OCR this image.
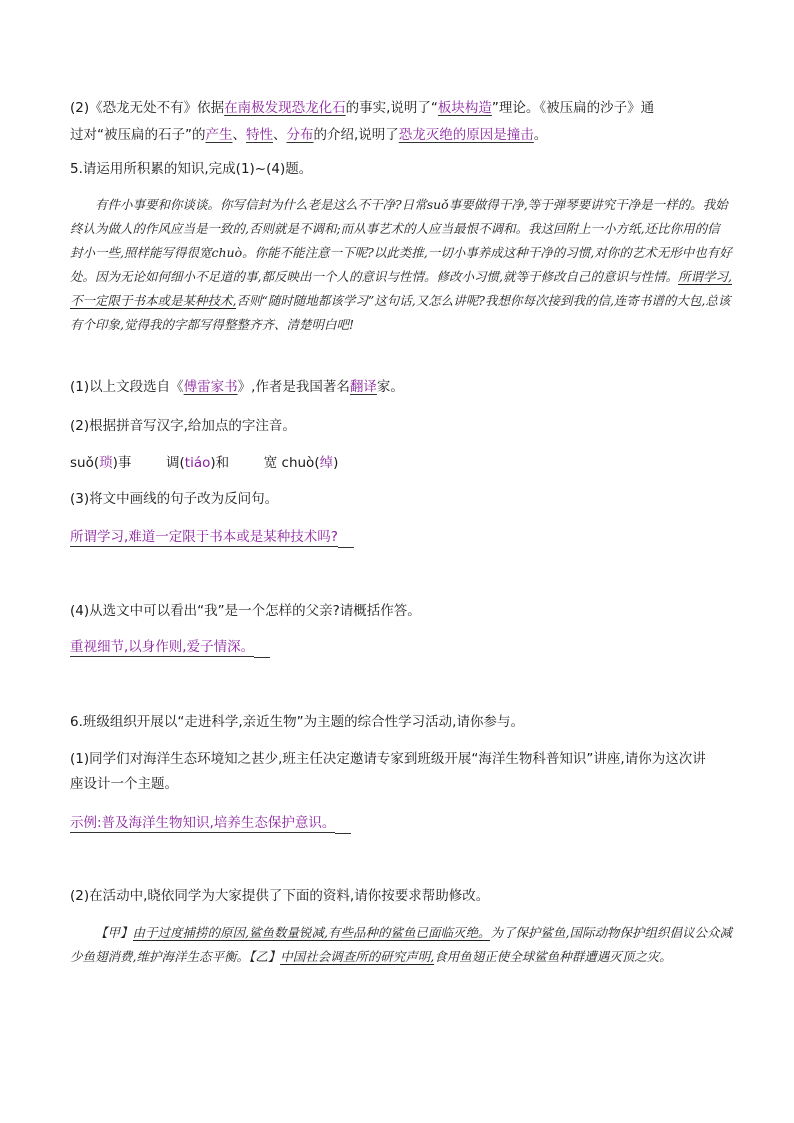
(2)《恐龙无处不有》依据在南极发现恐龙化石的事实,说明了“板块构造”理论。《被压扁的沙子》通
过对“被压扁的石子”的产生、特性、分布的介绍,说明了恐龙灭绝的原因是撞击。
5.请运用所积累的知识,完成(1)~(4)题。

有件小事要和你谈谈。你写信封为什么老是这么不干净?日常suǒ事要做得干净,等于弹琴要讲究干净是一样的。我始终认为做人的作风应当是一致的,否则就是不调和;而从事艺术的人应当最恨不调和。我这回附上一小方纸,还比你用的信封小一些,照样能写得很宽chuò。你能不能注意一下呢?以此类推,一切小事养成这种干净的习惯,对你的艺术无形中也有好处。因为无论如何细小不足道的事,都反映出一个人的意识与性情。修改小习惯,就等于修改自己的意识与性情。所谓学习,不一定限于书本或是某种技术,否则“随时随地都该学习”这句话,又怎么讲呢?我想你每次接到我的信,连寄书谱的大包,总该有个印象,觉得我的字都写得整整齐齐、清楚明白吧!

(1)以上文段选自《傅雷家书》,作者是我国著名翻译家。
(2)根据拼音写汉字,给加点的字注音。
suǒ(琐)事	调(tiáo)和	宽 chuò(绰)
(3)将文中画线的句子改为反问句。
所谓学习,难道一定限于书本或是某种技术吗?
(4)从选文中可以看出“我”是一个怎样的父亲?请概括作答。
重视细节,以身作则,爱子情深。
6.班级组织开展以“走进科学,亲近生物”为主题的综合性学习活动,请你参与。
(1)同学们对海洋生态环境知之甚少,班主任决定邀请专家到班级开展“海洋生物科普知识”讲座,请你为这次讲
座设计一个主题。
示例:普及海洋生物知识,培养生态保护意识。
(2)在活动中,晓依同学为大家提供了下面的资料,请你按要求帮助修改。

【甲】由于过度捕捞的原因,鲨鱼数量锐减,有些品种的鲨鱼已面临灭绝。为了保护鲨鱼,国际动物保护组织倡议公众减少鱼翅消费,维护海洋生态平衡。【乙】中国社会调查所的研究声明,食用鱼翅正使全球鲨鱼种群遭遇灭顶之灾。
